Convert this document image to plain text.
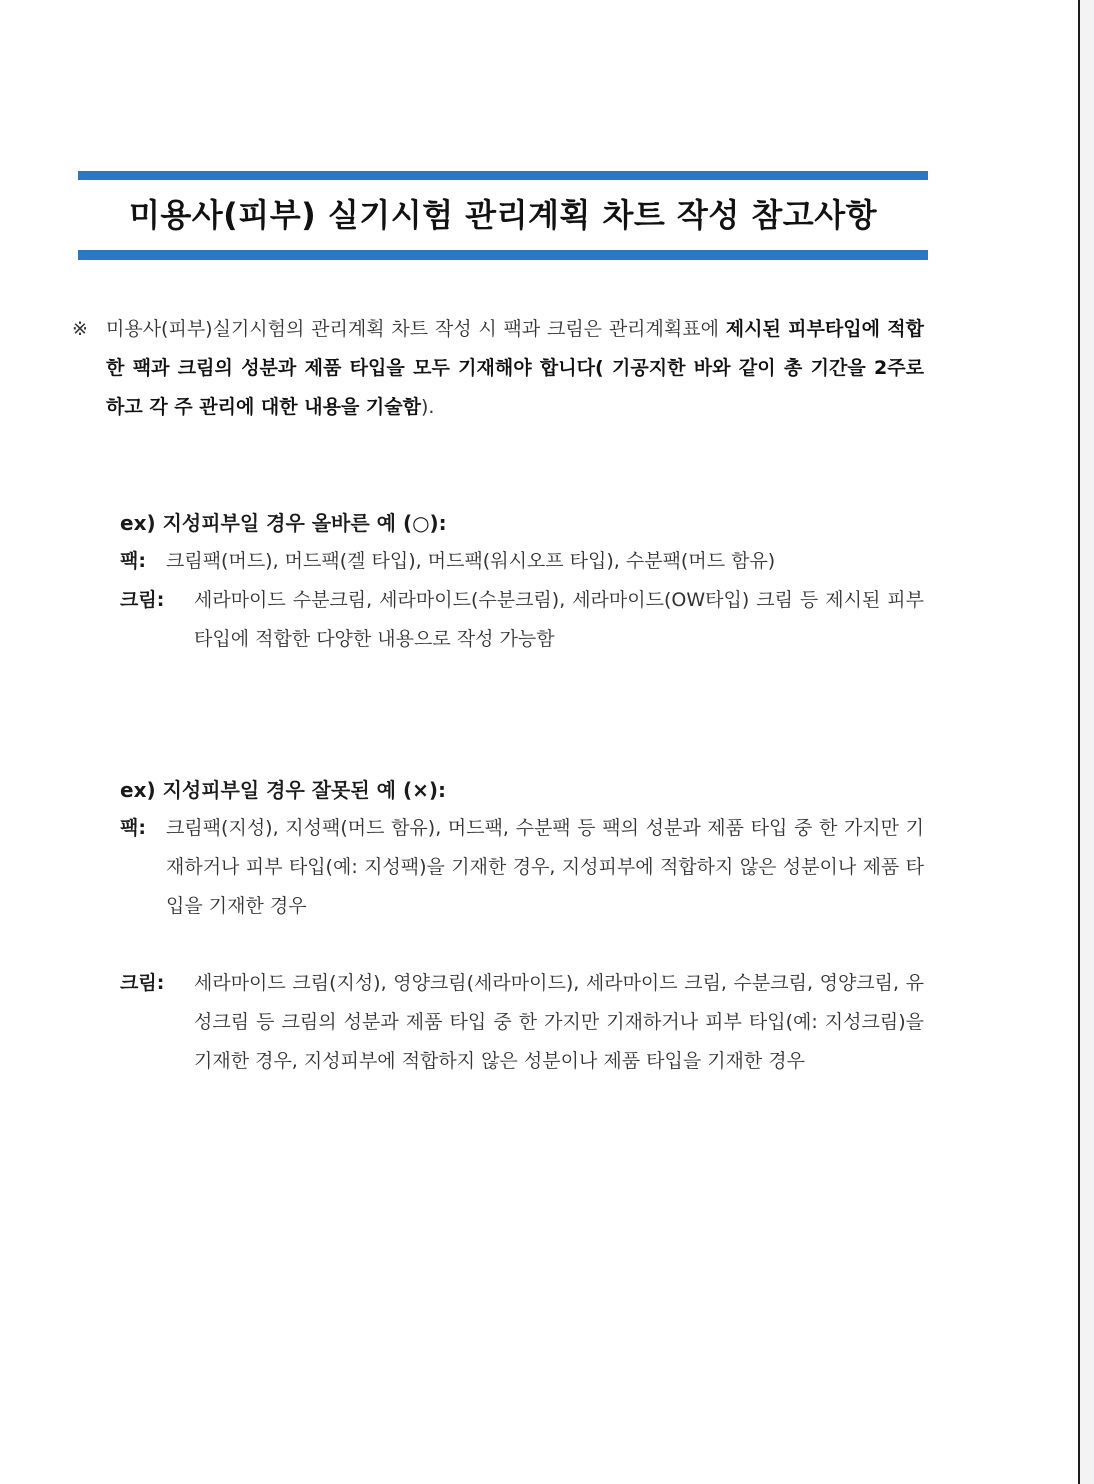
미용사(피부) 실기시험 관리계획 차트 작성 참고사항
※ 미용사(피부)실기시험의 관리계획 차트 작성 시 팩과 크림은 관리계획표에 제시된 피부타입에 적합한 팩과 크림의 성분과 제품 타입을 모두 기재해야 합니다( 기공지한 바와 같이 총 기간을 2주로 하고 각 주 관리에 대한 내용을 기술함).

ex) 지성피부일 경우 올바른 예 (○):

팩:	크림팩(머드), 머드팩(겔 타입), 머드팩(워시오프 타입), 수분팩(머드 함유)
크림:	세라마이드 수분크림, 세라마이드(수분크림), 세라마이드(OW타입) 크림 등 제시된 피부 타입에 적합한 다양한 내용으로 작성 가능함

ex) 지성피부일 경우 잘못된 예 (×):

팩:	크림팩(지성), 지성팩(머드 함유), 머드팩, 수분팩 등 팩의 성분과 제품 타입 중 한 가지만 기재하거나 피부 타입(예: 지성팩)을 기재한 경우, 지성피부에 적합하지 않은 성분이나 제품 타입을 기재한 경우
크림:	세라마이드 크림(지성), 영양크림(세라마이드), 세라마이드 크림, 수분크림, 영양크림, 유성크림 등 크림의 성분과 제품 타입 중 한 가지만 기재하거나 피부 타입(예: 지성크림)을 기재한 경우, 지성피부에 적합하지 않은 성분이나 제품 타입을 기재한 경우
